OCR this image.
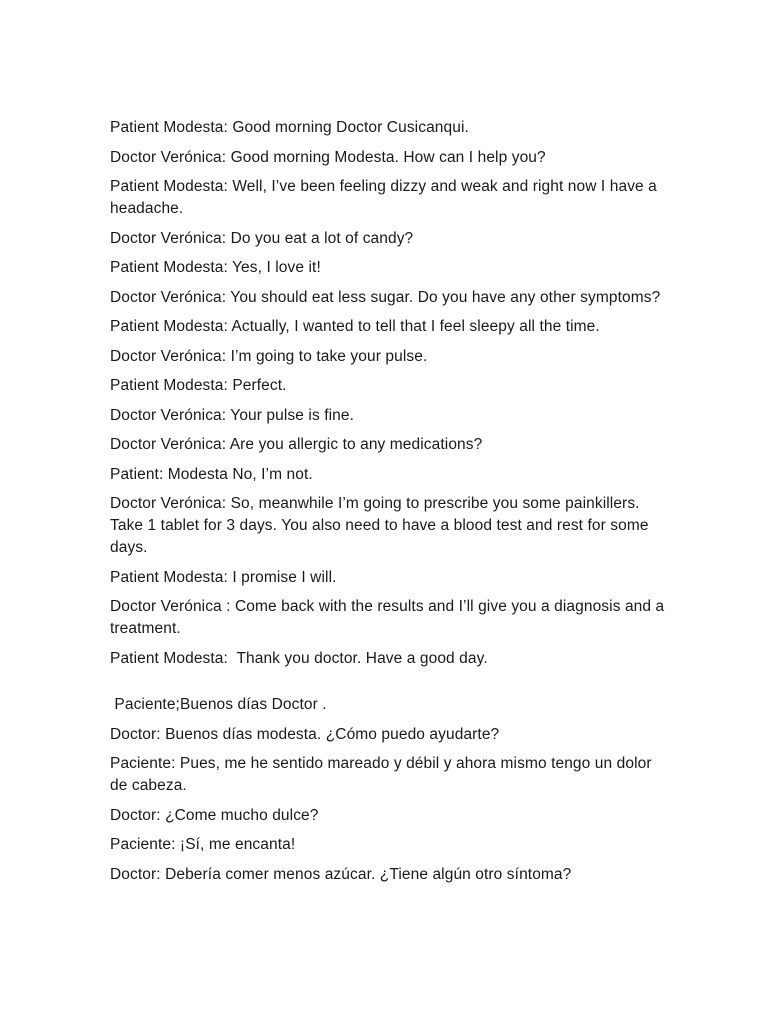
Patient Modesta: Good morning Doctor Cusicanqui.

Doctor Verónica: Good morning Modesta. How can I help you?

Patient Modesta: Well, I’ve been feeling dizzy and weak and right now I have a headache.

Doctor Verónica: Do you eat a lot of candy?

Patient Modesta: Yes, I love it!

Doctor Verónica: You should eat less sugar. Do you have any other symptoms?

Patient Modesta: Actually, I wanted to tell that I feel sleepy all the time.

Doctor Verónica: I’m going to take your pulse.

Patient Modesta: Perfect.

Doctor Verónica: Your pulse is fine.

Doctor Verónica: Are you allergic to any medications?

Patient: Modesta No, I’m not.

Doctor Verónica: So, meanwhile I’m going to prescribe you some painkillers. Take 1 tablet for 3 days. You also need to have a blood test and rest for some days.

Patient Modesta: I promise I will.

Doctor Verónica : Come back with the results and I’ll give you a diagnosis and a treatment.

Patient Modesta:  Thank you doctor. Have a good day.

Paciente;Buenos días Doctor .

Doctor: Buenos días modesta. ¿Cómo puedo ayudarte?

Paciente: Pues, me he sentido mareado y débil y ahora mismo tengo un dolor de cabeza.

Doctor: ¿Come mucho dulce?

Paciente: ¡Sí, me encanta!

Doctor: Debería comer menos azúcar. ¿Tiene algún otro síntoma?
